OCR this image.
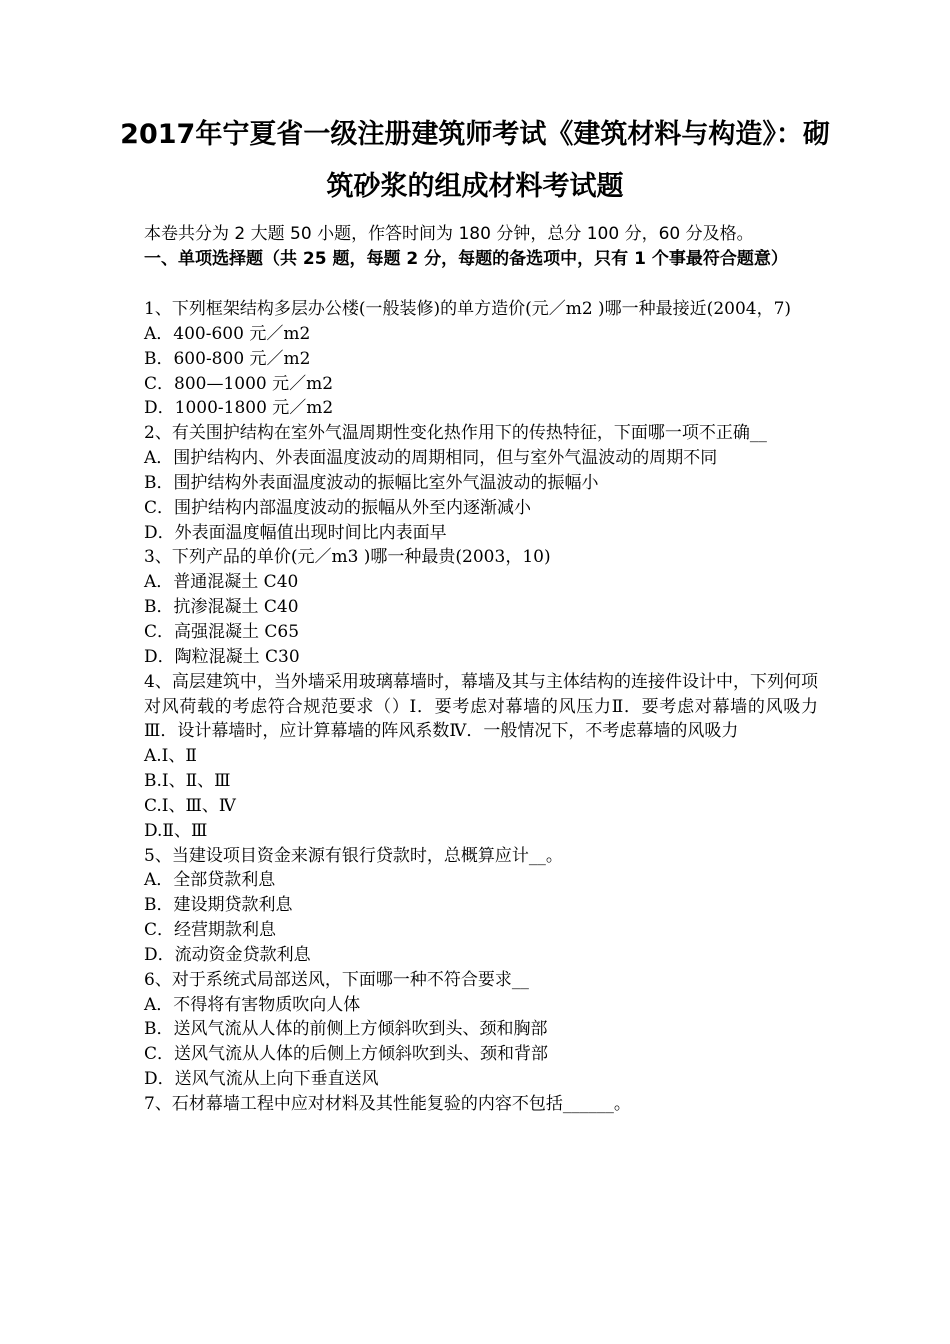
2017年宁夏省一级注册建筑师考试《建筑材料与构造》：砌
筑砂浆的组成材料考试题
本卷共分为 2 大题 50 小题，作答时间为 180 分钟，总分 100 分，60 分及格。
一、单项选择题（共 25 题，每题 2 分，每题的备选项中，只有 1 个事最符合题意）
1、下列框架结构多层办公楼(一般装修)的单方造价(元／m2 )哪一种最接近(2004，7)
A．400-600 元／m2
B．600-800 元／m2
C．800—1000 元／m2
D．1000-1800 元／m2
2、有关围护结构在室外气温周期性变化热作用下的传热特征，下面哪一项不正确__
A．围护结构内、外表面温度波动的周期相同，但与室外气温波动的周期不同
B．围护结构外表面温度波动的振幅比室外气温波动的振幅小
C．围护结构内部温度波动的振幅从外至内逐渐减小
D．外表面温度幅值出现时间比内表面早
3、下列产品的单价(元／m3 )哪一种最贵(2003，10)
A．普通混凝土 C40
B．抗渗混凝土 C40
C．高强混凝土 C65
D．陶粒混凝土 C30
4、高层建筑中，当外墙采用玻璃幕墙时，幕墙及其与主体结构的连接件设计中，下列何项对风荷载的考虑符合规范要求（）Ⅰ．要考虑对幕墙的风压力Ⅱ．要考虑对幕墙的风吸力Ⅲ．设计幕墙时，应计算幕墙的阵风系数Ⅳ．一般情况下，不考虑幕墙的风吸力
A.Ⅰ、Ⅱ
B.Ⅰ、Ⅱ、Ⅲ
C.Ⅰ、Ⅲ、Ⅳ
D.Ⅱ、Ⅲ
5、当建设项目资金来源有银行贷款时，总概算应计__。
A．全部贷款利息
B．建设期贷款利息
C．经营期款利息
D．流动资金贷款利息
6、对于系统式局部送风，下面哪一种不符合要求__
A．不得将有害物质吹向人体
B．送风气流从人体的前侧上方倾斜吹到头、颈和胸部
C．送风气流从人体的后侧上方倾斜吹到头、颈和背部
D．送风气流从上向下垂直送风
7、石材幕墙工程中应对材料及其性能复验的内容不包括______。
